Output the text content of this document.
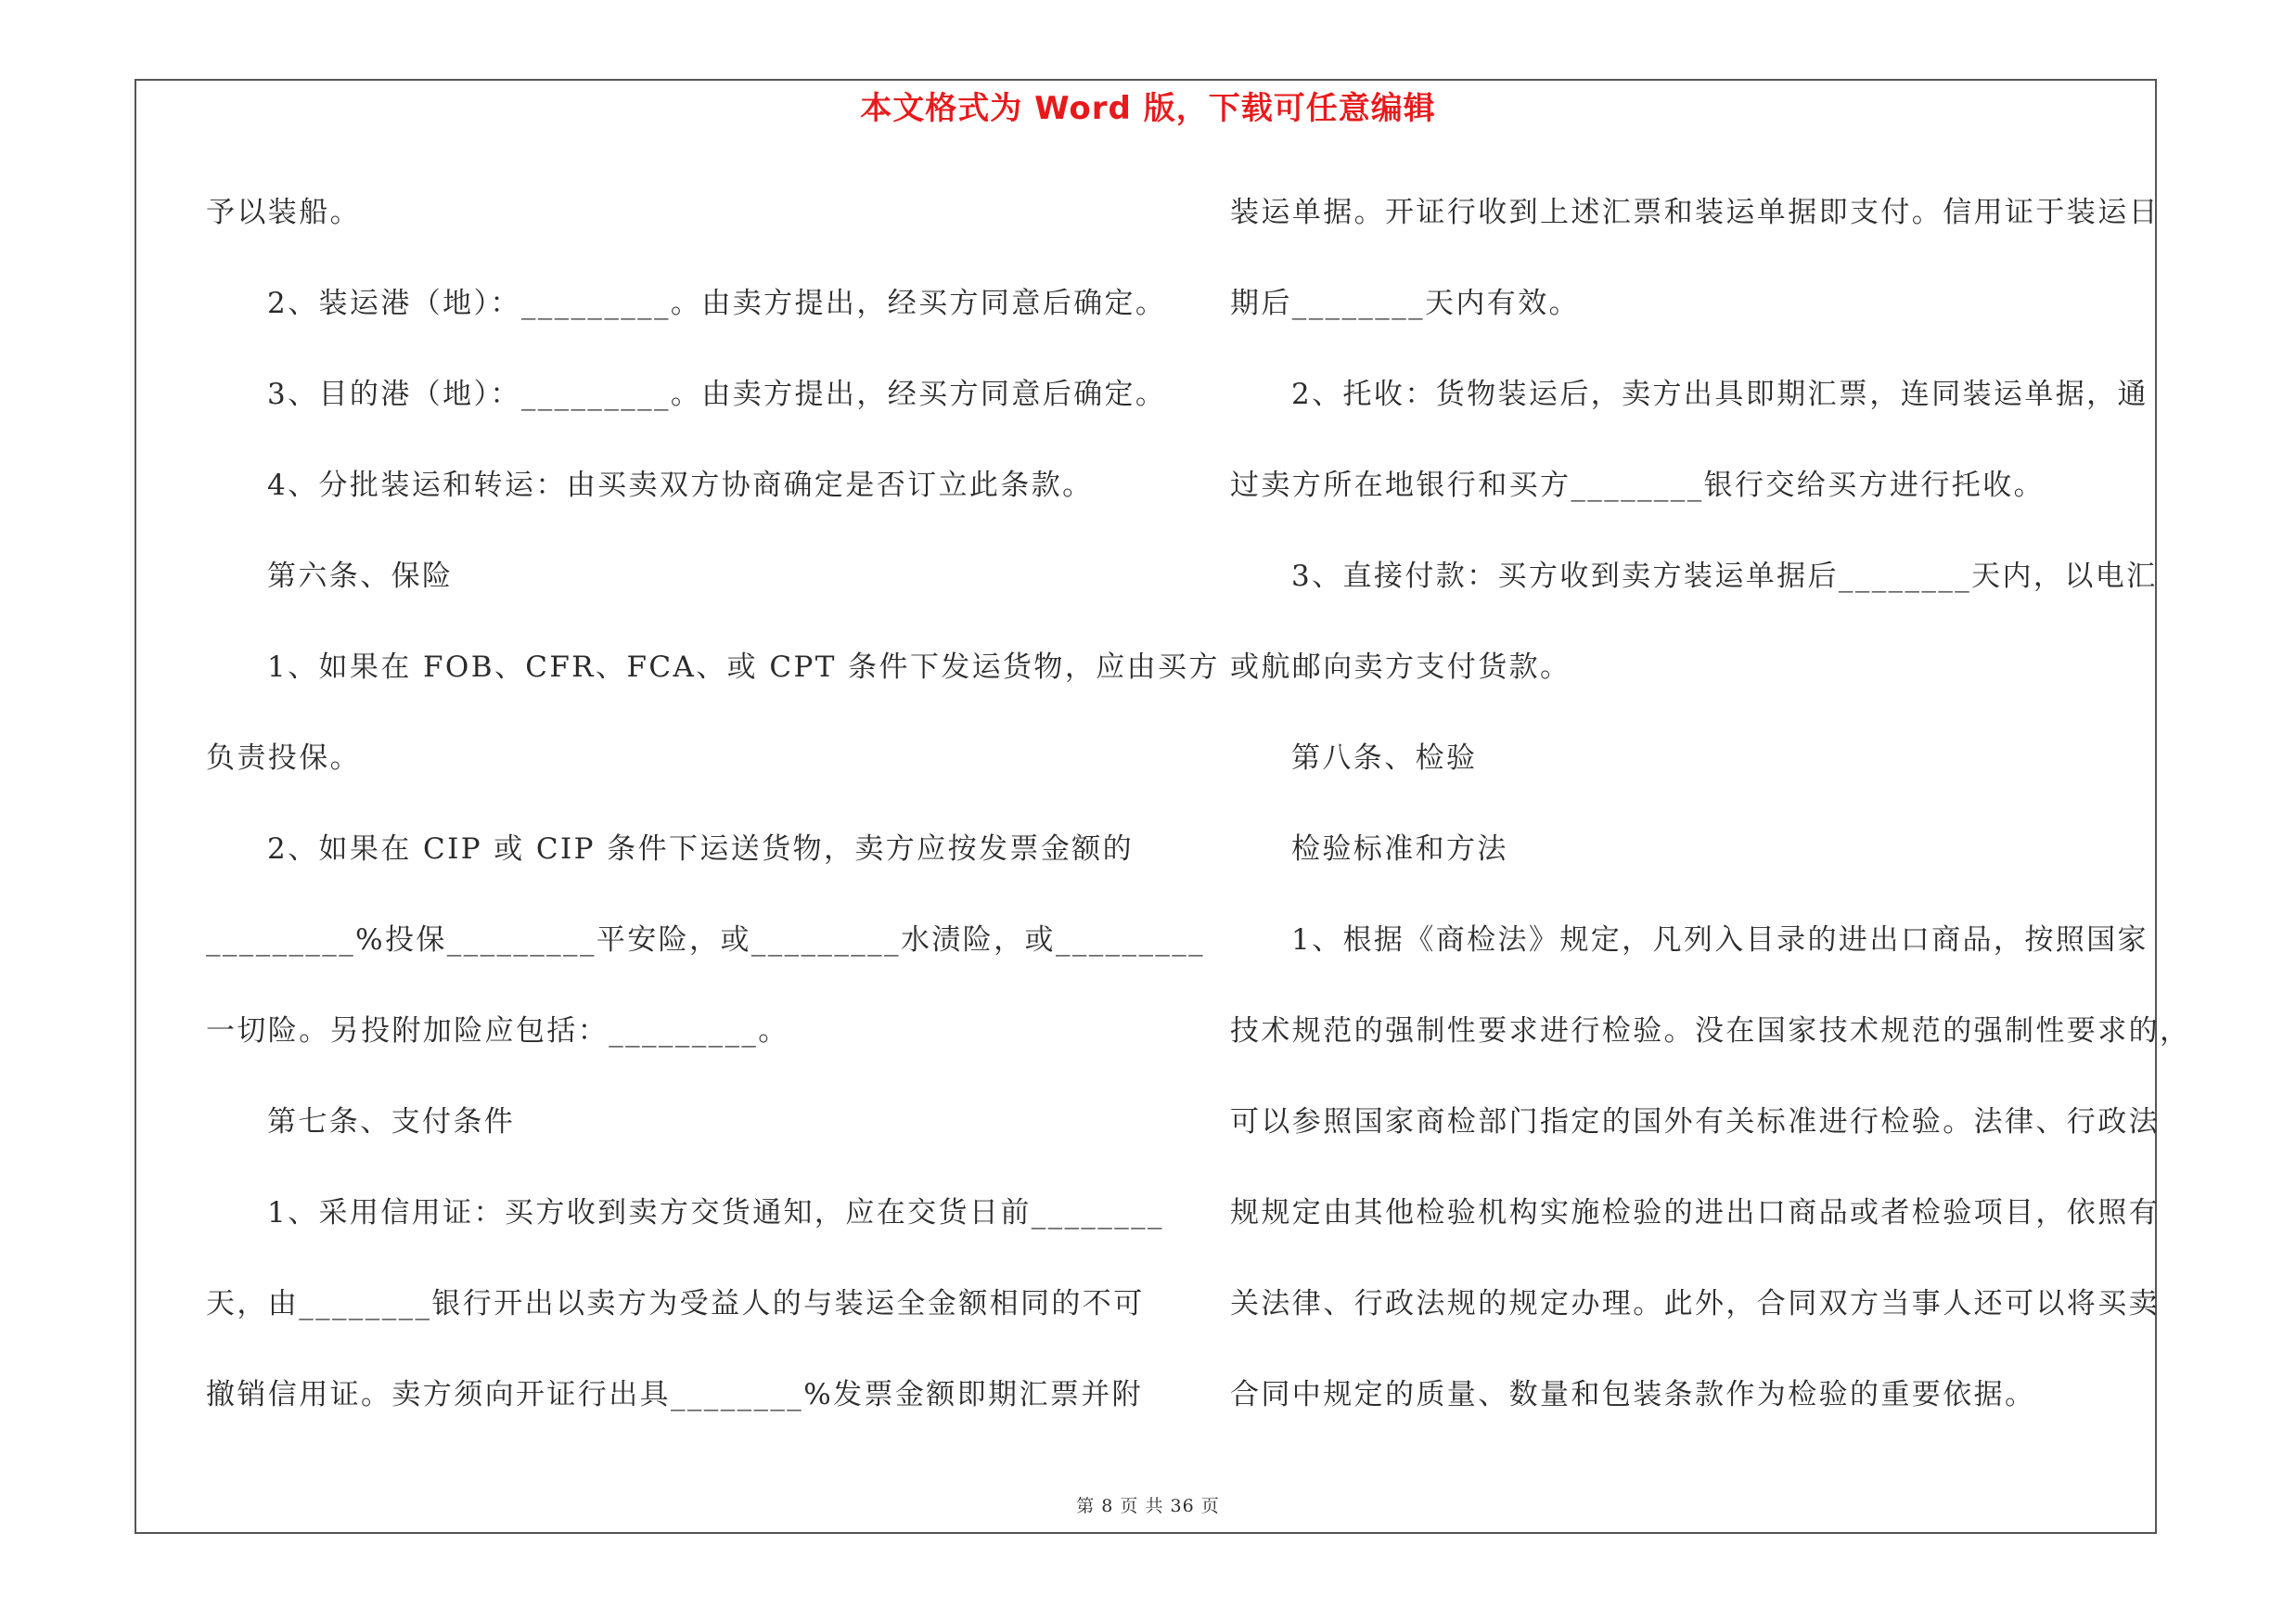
本文格式为 Word 版，下载可任意编辑
予以装船。
2、装运港（地）：_________。由卖方提出，经买方同意后确定。
3、目的港（地）：_________。由卖方提出，经买方同意后确定。
4、分批装运和转运：由买卖双方协商确定是否订立此条款。
第六条、保险
1、如果在 FOB、CFR、FCA、或 CPT 条件下发运货物，应由买方
负责投保。
2、如果在 CIP 或 CIP 条件下运送货物，卖方应按发票金额的
_________%投保_________平安险，或_________水渍险，或_________
一切险。另投附加险应包括：_________。
第七条、支付条件
1、采用信用证：买方收到卖方交货通知，应在交货日前________
天，由________银行开出以卖方为受益人的与装运全金额相同的不可
撤销信用证。卖方须向开证行出具________%发票金额即期汇票并附
装运单据。开证行收到上述汇票和装运单据即支付。信用证于装运日
期后________天内有效。
2、托收：货物装运后，卖方出具即期汇票，连同装运单据，通
过卖方所在地银行和买方________银行交给买方进行托收。
3、直接付款：买方收到卖方装运单据后________天内，以电汇
或航邮向卖方支付货款。
第八条、检验
检验标准和方法
1、根据《商检法》规定，凡列入目录的进出口商品，按照国家
技术规范的强制性要求进行检验。没在国家技术规范的强制性要求的，
可以参照国家商检部门指定的国外有关标准进行检验。法律、行政法
规规定由其他检验机构实施检验的进出口商品或者检验项目，依照有
关法律、行政法规的规定办理。此外，合同双方当事人还可以将买卖
合同中规定的质量、数量和包装条款作为检验的重要依据。
第 8 页 共 36 页
